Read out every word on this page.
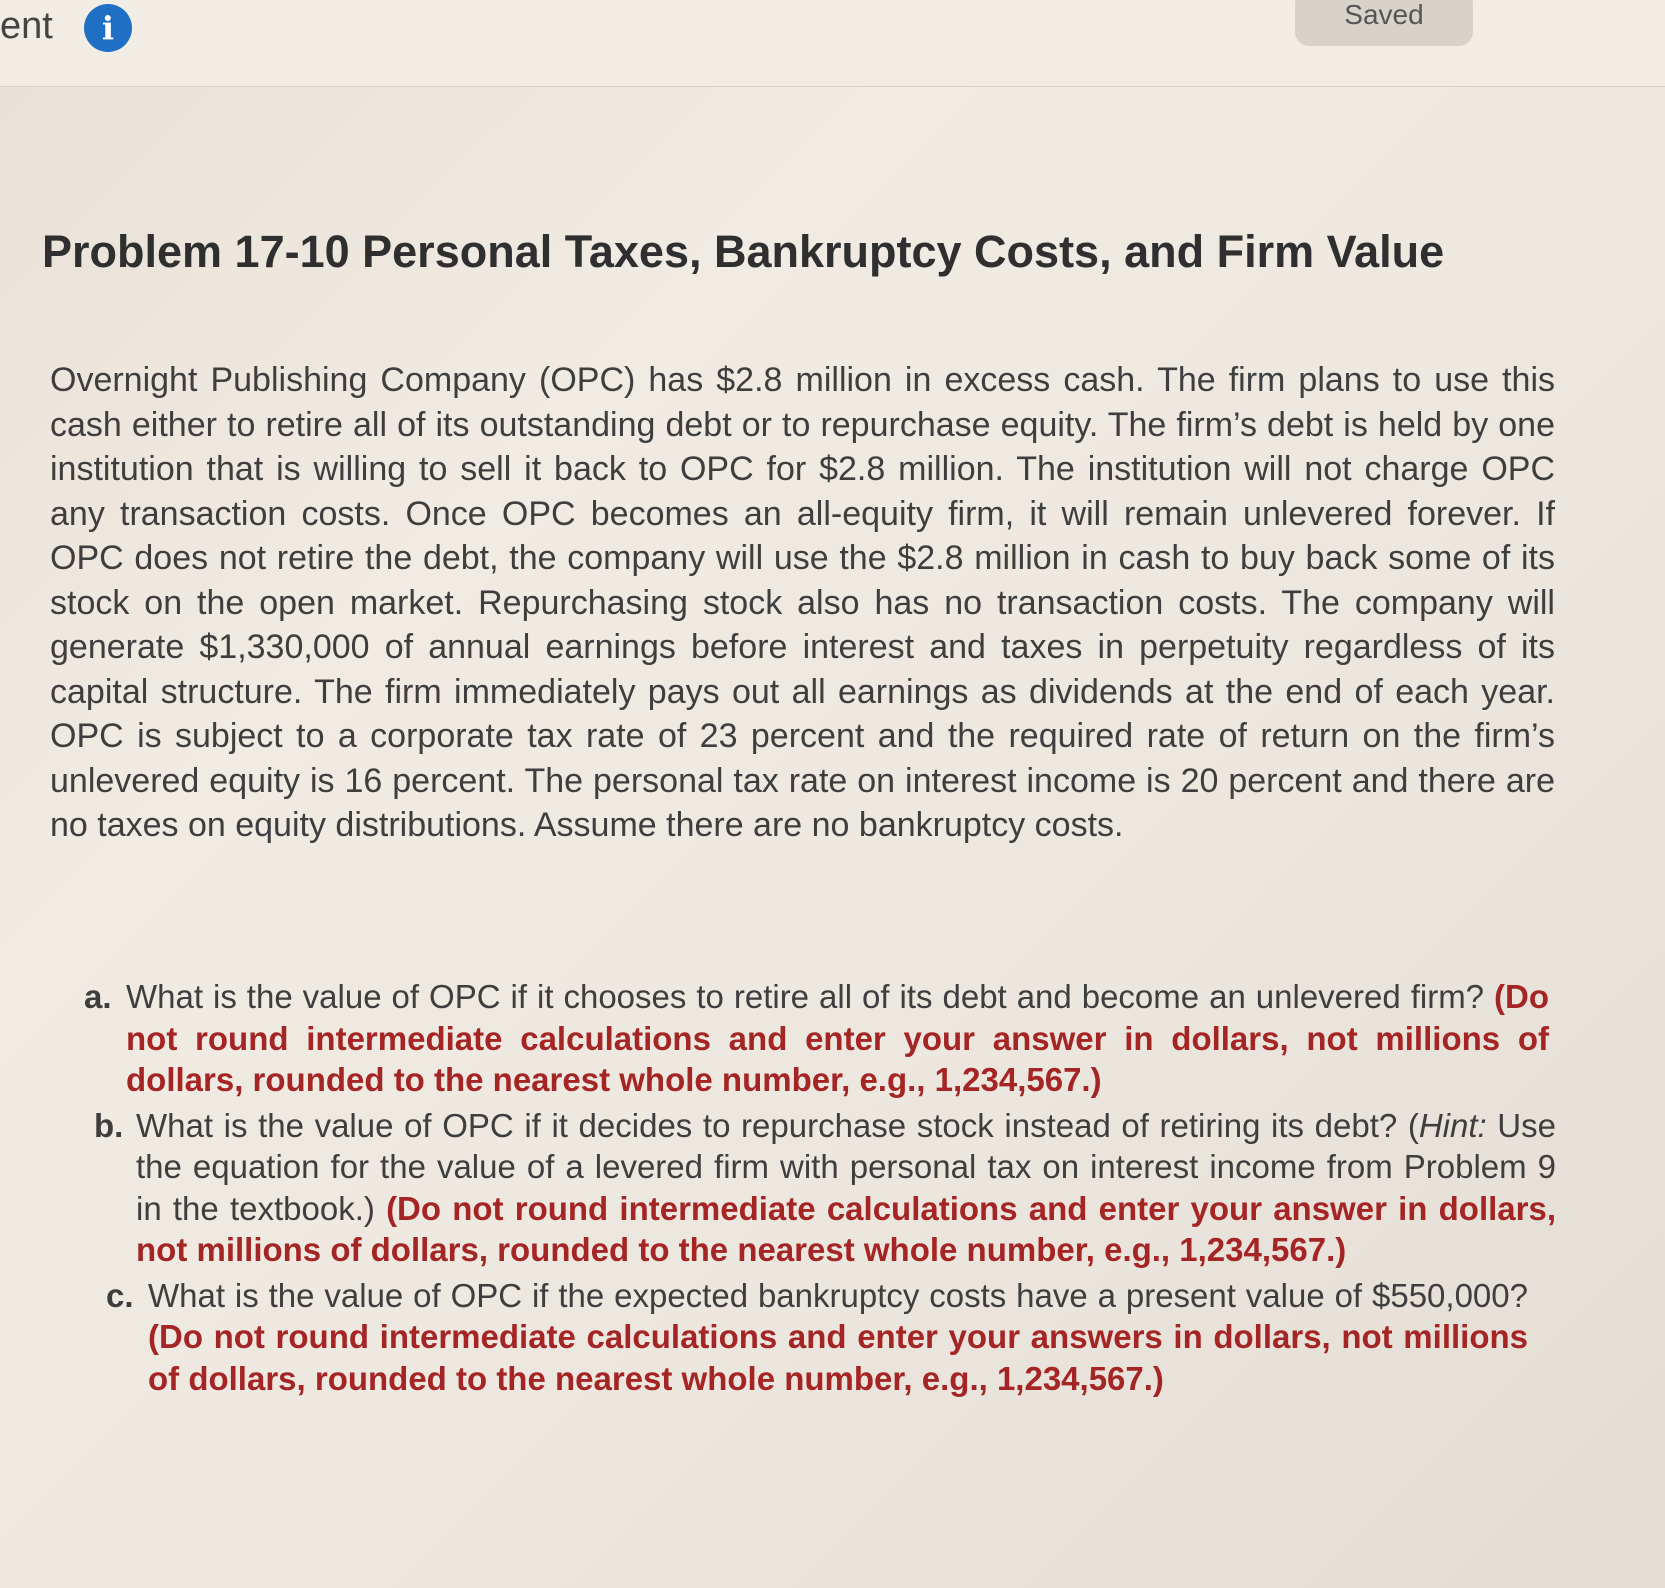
ent	i	Saved
Problem 17-10 Personal Taxes, Bankruptcy Costs, and Firm Value

Overnight Publishing Company (OPC) has $2.8 million in excess cash. The firm plans to use this cash either to retire all of its outstanding debt or to repurchase equity. The firm’s debt is held by one institution that is willing to sell it back to OPC for $2.8 million. The institution will not charge OPC any transaction costs. Once OPC becomes an all-equity firm, it will remain unlevered forever. If OPC does not retire the debt, the company will use the $2.8 million in cash to buy back some of its stock on the open market. Repurchasing stock also has no transaction costs. The company will generate $1,330,000 of annual earnings before interest and taxes in perpetuity regardless of its capital structure. The firm immediately pays out all earnings as dividends at the end of each year. OPC is subject to a corporate tax rate of 23 percent and the required rate of return on the firm’s unlevered equity is 16 percent. The personal tax rate on interest income is 20 percent and there are no taxes on equity distributions. Assume there are no bankruptcy costs.

a. What is the value of OPC if it chooses to retire all of its debt and become an unlevered firm? (Do not round intermediate calculations and enter your answer in dollars, not millions of dollars, rounded to the nearest whole number, e.g., 1,234,567.)
b. What is the value of OPC if it decides to repurchase stock instead of retiring its debt? (Hint: Use the equation for the value of a levered firm with personal tax on interest income from Problem 9 in the textbook.) (Do not round intermediate calculations and enter your answer in dollars, not millions of dollars, rounded to the nearest whole number, e.g., 1,234,567.)
c. What is the value of OPC if the expected bankruptcy costs have a present value of $550,000? (Do not round intermediate calculations and enter your answers in dollars, not millions of dollars, rounded to the nearest whole number, e.g., 1,234,567.)
